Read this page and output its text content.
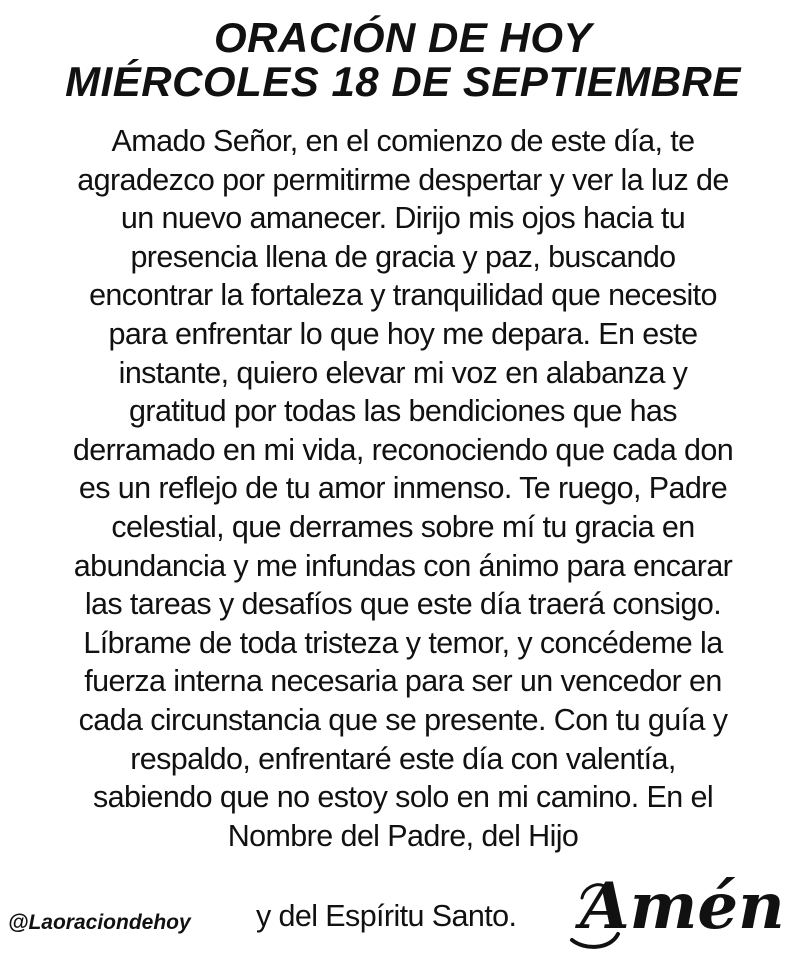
ORACIÓN DE HOY
MIÉRCOLES 18 DE SEPTIEMBRE
Amado Señor, en el comienzo de este día, te
agradezco por permitirme despertar y ver la luz de
un nuevo amanecer. Dirijo mis ojos hacia tu
presencia llena de gracia y paz, buscando
encontrar la fortaleza y tranquilidad que necesito
para enfrentar lo que hoy me depara. En este
instante, quiero elevar mi voz en alabanza y
gratitud por todas las bendiciones que has
derramado en mi vida, reconociendo que cada don
es un reflejo de tu amor inmenso. Te ruego, Padre
celestial, que derrames sobre mí tu gracia en
abundancia y me infundas con ánimo para encarar
las tareas y desafíos que este día traerá consigo.
Líbrame de toda tristeza y temor, y concédeme la
fuerza interna necesaria para ser un vencedor en
cada circunstancia que se presente. Con tu guía y
respaldo, enfrentaré este día con valentía,
sabiendo que no estoy solo en mi camino. En el
Nombre del Padre, del Hijo
@Laoraciondehoy y del Espíritu Santo. Amén
